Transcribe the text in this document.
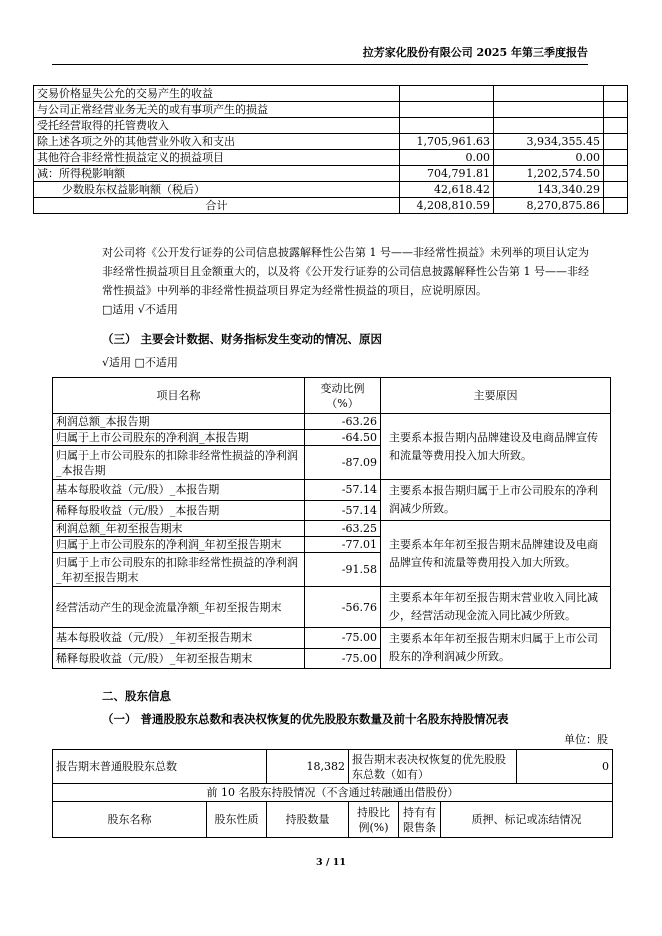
拉芳家化股份有限公司 2025 年第三季度报告
交易价格显失公允的交易产生的收益			
与公司正常经营业务无关的或有事项产生的损益			
受托经营取得的托管费收入			
除上述各项之外的其他营业外收入和支出	1,705,961.63	3,934,355.45	
其他符合非经常性损益定义的损益项目	0.00	0.00	
减：所得税影响额	704,791.81	1,202,574.50	
少数股东权益影响额（税后）	42,618.42	143,340.29	
合计	4,208,810.59	8,270,875.86	
对公司将《公开发行证券的公司信息披露解释性公告第 1 号——非经常性损益》未列举的项目认定为非经常性损益项目且金额重大的，以及将《公开发行证券的公司信息披露解释性公告第 1 号——非经常性损益》中列举的非经常性损益项目界定为经常性损益的项目，应说明原因。
□适用 √不适用
（三） 主要会计数据、财务指标发生变动的情况、原因
√适用 □不适用
项目名称	变动比例（%）	主要原因
利润总额_本报告期	-63.26	主要系本报告期内品牌建设及电商品牌宣传和流量等费用投入加大所致。
归属于上市公司股东的净利润_本报告期	-64.50	
归属于上市公司股东的扣除非经常性损益的净利润_本报告期	-87.09	
基本每股收益（元/股）_本报告期	-57.14	主要系本报告期归属于上市公司股东的净利润减少所致。
稀释每股收益（元/股）_本报告期	-57.14	
利润总额_年初至报告期末	-63.25	主要系本年年初至报告期末品牌建设及电商品牌宣传和流量等费用投入加大所致。
归属于上市公司股东的净利润_年初至报告期末	-77.01	
归属于上市公司股东的扣除非经常性损益的净利润_年初至报告期末	-91.58	
经营活动产生的现金流量净额_年初至报告期末	-56.76	主要系本年年初至报告期末营业收入同比减少，经营活动现金流入同比减少所致。
基本每股收益（元/股）_年初至报告期末	-75.00	主要系本年年初至报告期末归属于上市公司股东的净利润减少所致。
稀释每股收益（元/股）_年初至报告期末	-75.00	
二、股东信息
（一） 普通股股东总数和表决权恢复的优先股股东数量及前十名股东持股情况表
单位：股
报告期末普通股股东总数		18,382	报告期末表决权恢复的优先股股东总数（如有）			0
前 10 名股东持股情况（不含通过转融通出借股份）						
股东名称	股东性质	持股数量	持股比例(%)	持有有限售条	质押、标记或冻结情况	
3 / 11
